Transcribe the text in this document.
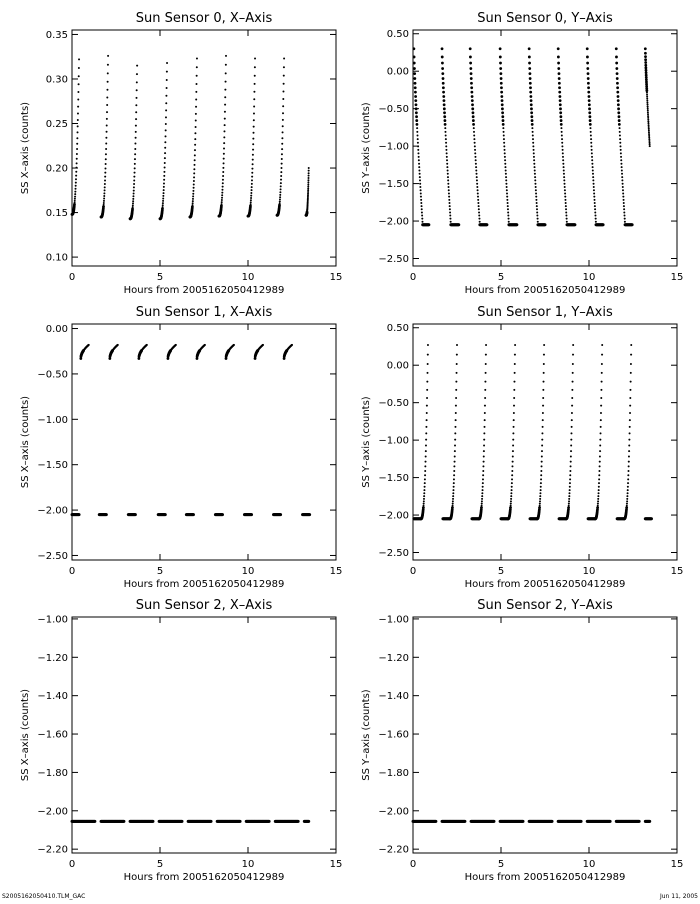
Sun Sensor 0, X–Axis
0	5	10	15
0.10
0.15
0.20
0.25
0.30
0.35
Hours from 2005162050412989
SS X–axis (counts)
Sun Sensor 0, Y–Axis
0	5	10	15
0.50
0.00
−0.50
−1.00
−1.50
−2.00
−2.50
Hours from 2005162050412989
SS Y–axis (counts)
Sun Sensor 1, X–Axis
0	5	10	15
0.00
−0.50
−1.00
−1.50
−2.00
−2.50
Hours from 2005162050412989
SS X–axis (counts)
Sun Sensor 1, Y–Axis
0	5	10	15
0.50
0.00
−0.50
−1.00
−1.50
−2.00
−2.50
Hours from 2005162050412989
SS Y–axis (counts)
Sun Sensor 2, X–Axis
0	5	10	15
−1.00
−1.20
−1.40
−1.60
−1.80
−2.00
−2.20
Hours from 2005162050412989
SS X–axis (counts)
Sun Sensor 2, Y–Axis
0	5	10	15
−1.00
−1.20
−1.40
−1.60
−1.80
−2.00
−2.20
Hours from 2005162050412989
SS Y–axis (counts)
S2005162050410.TLM_GAC	Jun 11, 2005
